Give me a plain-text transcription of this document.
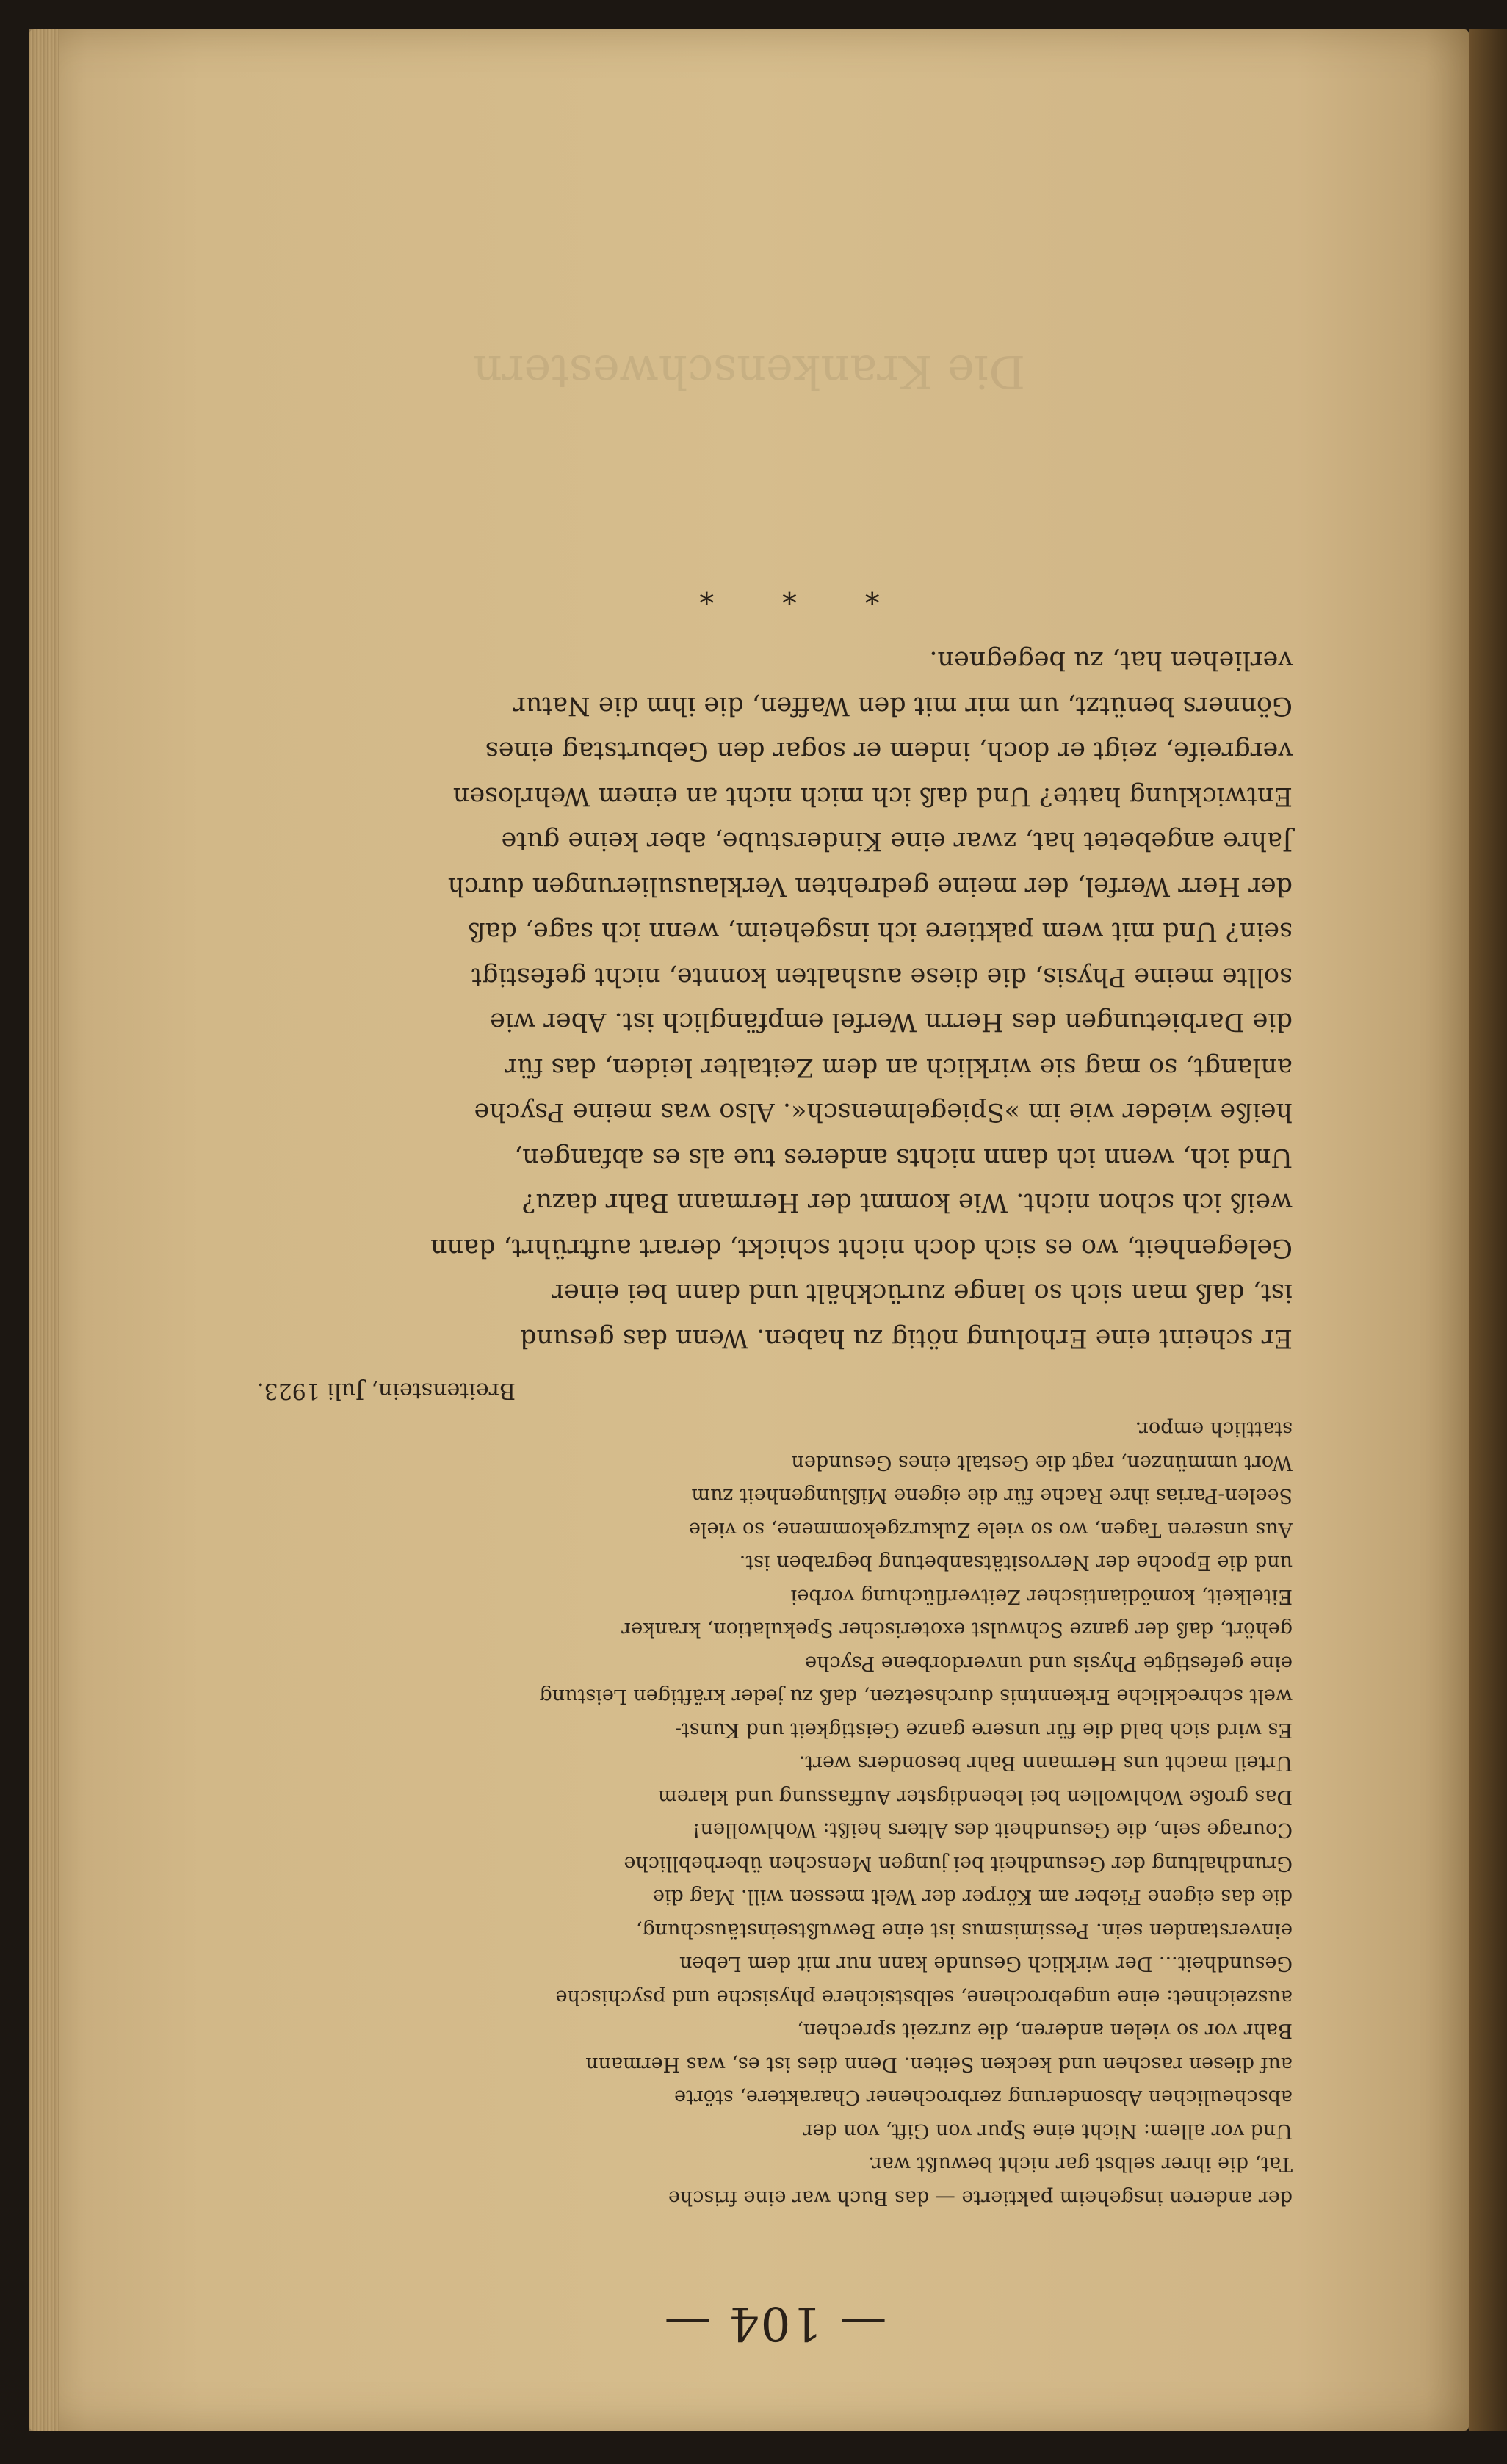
Die Krankenschwestern
— 104 —

der anderen insgeheim paktierte — das Buch war eine frische

Tat, die ihrer selbst gar nicht bewußt war.

Und vor allem: Nicht eine Spur von Gift, von der

abscheulichen Absonderung zerbrochener Charaktere, störte

auf diesen raschen und kecken Seiten. Denn dies ist es, was Hermann

Bahr vor so vielen anderen, die zurzeit sprechen,

auszeichnet: eine ungebrochene, selbstsichere physische und psychische

Gesundheit... Der wirklich Gesunde kann nur mit dem Leben

einverstanden sein. Pessimismus ist eine Bewußtseinstäuschung,

die das eigene Fieber am Körper der Welt messen will. Mag die

Grundhaltung der Gesundheit bei jungen Menschen überheblliche

Courage sein, die Gesundheit des Alters heißt: Wohlwollen!

Das große Wohlwollen bei lebendigster Auffassung und klarem

Urteil macht uns Hermann Bahr besonders wert.

Es wird sich bald die für unsere ganze Geistigkeit und Kunst-

welt schreckliche Erkenntnis durchsetzen, daß zu jeder kräftigen Leistung

eine gefestigte Physis und unverdorbene Psyche

gehört, daß der ganze Schwulst exoterischer Spekulation, kranker

Eitelkeit, komödiantischer Zeitverflüchung vorbei

und die Epoche der Nervositätsanbetung begraben ist.

Aus unseren Tagen, wo so viele Zukurzgekommene, so viele

Seelen-Parias ihre Rache für die eigene Mißlungenheit zum

Wort ummünzen, ragt die Gestalt eines Gesunden

stattlich empor.

Breitenstein, Juli 1923.

Er scheint eine Erholung nötig zu haben. Wenn das gesund

ist, daß man sich so lange zurückhält und dann bei einer

Gelegenheit, wo es sich doch nicht schickt, derart auftrührt, dann

weiß ich schon nicht. Wie kommt der Hermann Bahr dazu?

Und ich, wenn ich dann nichts anderes tue als es abfangen,

heiße wieder wie im »Spiegelmensch«. Also was meine Psyche

anlangt, so mag sie wirklich an dem Zeitalter leiden, das für

die Darbietungen des Herrn Werfel empfänglich ist. Aber wie

sollte meine Physis, die diese aushalten konnte, nicht gefestigt

sein? Und mit wem paktiere ich insgeheim, wenn ich sage, daß

der Herr Werfel, der meine gedrehten Verklausulierungen durch

Jahre angebetet hat, zwar eine Kinderstube, aber keine gute

Entwicklung hatte? Und daß ich mich nicht an einem Wehrlosen

vergreife, zeigt er doch, indem er sogar den Geburtstag eines

Gönners benützt, um mir mit den Waffen, die ihm die Natur

verliehen hat, zu begegnen.

* * *
